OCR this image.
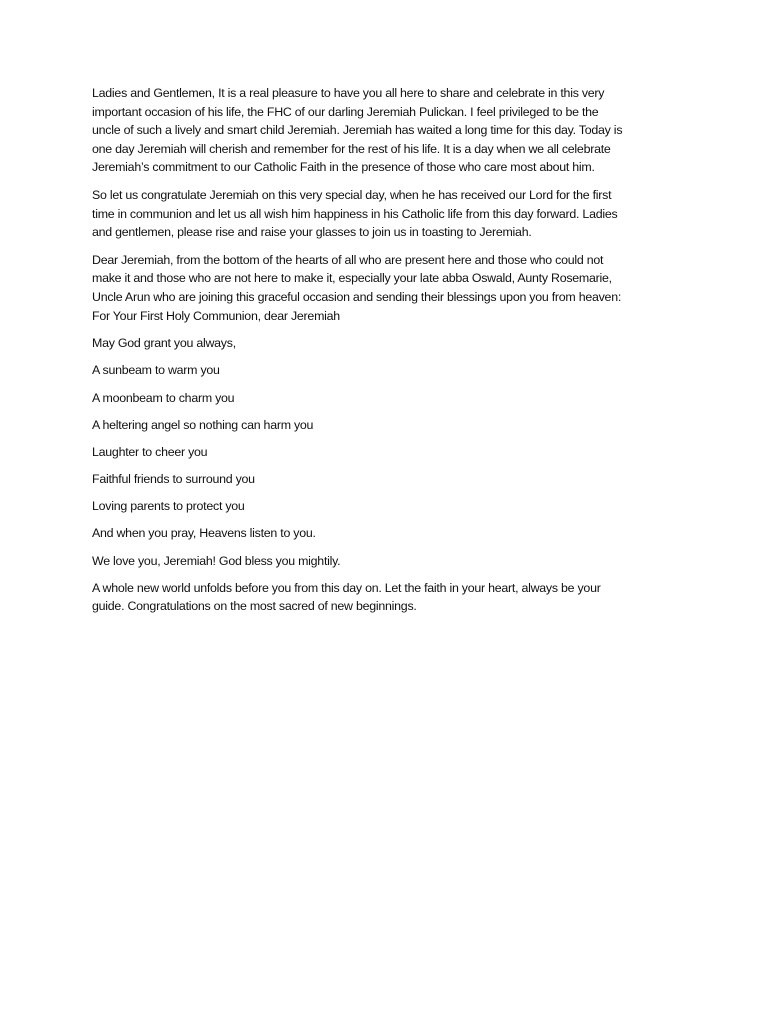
Ladies and Gentlemen, It is a real pleasure to have you all here to share and celebrate in this very
important occasion of his life, the FHC of our darling Jeremiah Pulickan. I feel privileged to be the
uncle of such a lively and smart child Jeremiah. Jeremiah has waited a long time for this day. Today is
one day Jeremiah will cherish and remember for the rest of his life. It is a day when we all celebrate
Jeremiah’s commitment to our Catholic Faith in the presence of those who care most about him.

So let us congratulate Jeremiah on this very special day, when he has received our Lord for the first
time in communion and let us all wish him happiness in his Catholic life from this day forward. Ladies
and gentlemen, please rise and raise your glasses to join us in toasting to Jeremiah.

Dear Jeremiah, from the bottom of the hearts of all who are present here and those who could not
make it and those who are not here to make it, especially your late abba Oswald, Aunty Rosemarie,
Uncle Arun who are joining this graceful occasion and sending their blessings upon you from heaven:
For Your First Holy Communion, dear Jeremiah

May God grant you always,

A sunbeam to warm you

A moonbeam to charm you

A heltering angel so nothing can harm you

Laughter to cheer you

Faithful friends to surround you

Loving parents to protect you

And when you pray, Heavens listen to you.

We love you, Jeremiah! God bless you mightily.

A whole new world unfolds before you from this day on. Let the faith in your heart, always be your
guide. Congratulations on the most sacred of new beginnings.
